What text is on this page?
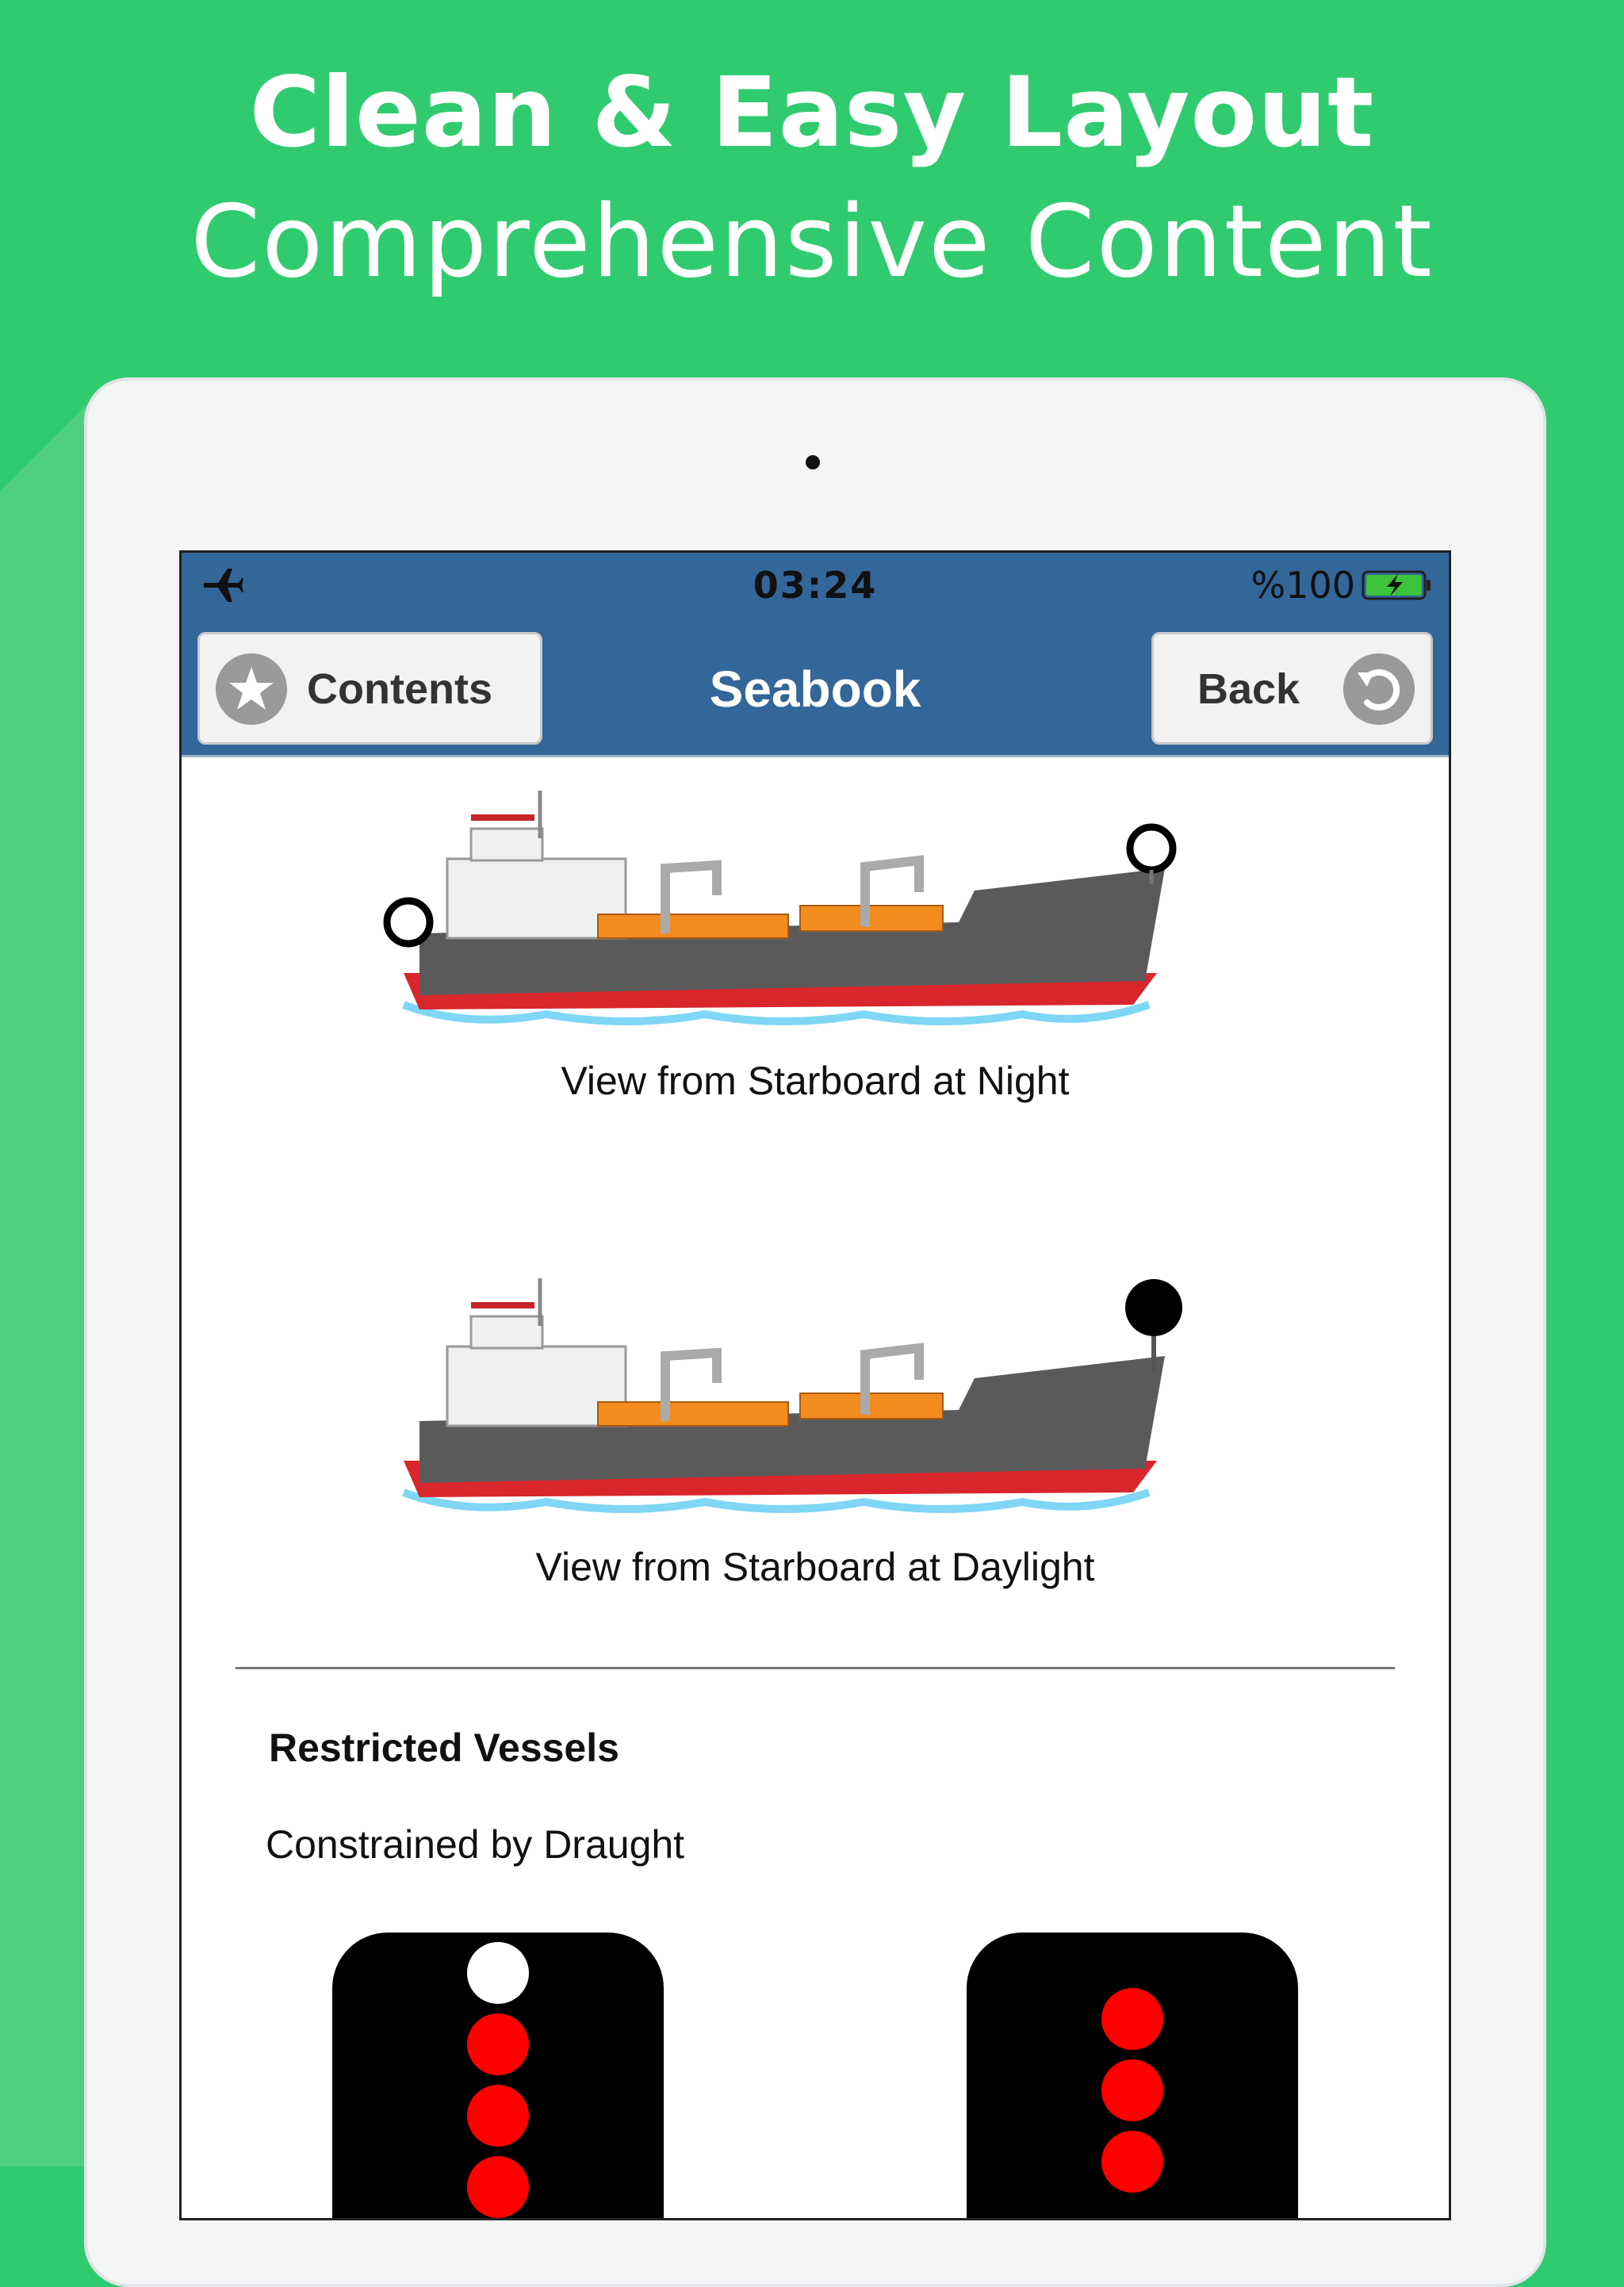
Clean & Easy Layout
Comprehensive Content
03:24	%100
Contents	Seabook	Back
View from Starboard at Night
View from Starboard at Daylight
Restricted Vessels
Constrained by Draught
